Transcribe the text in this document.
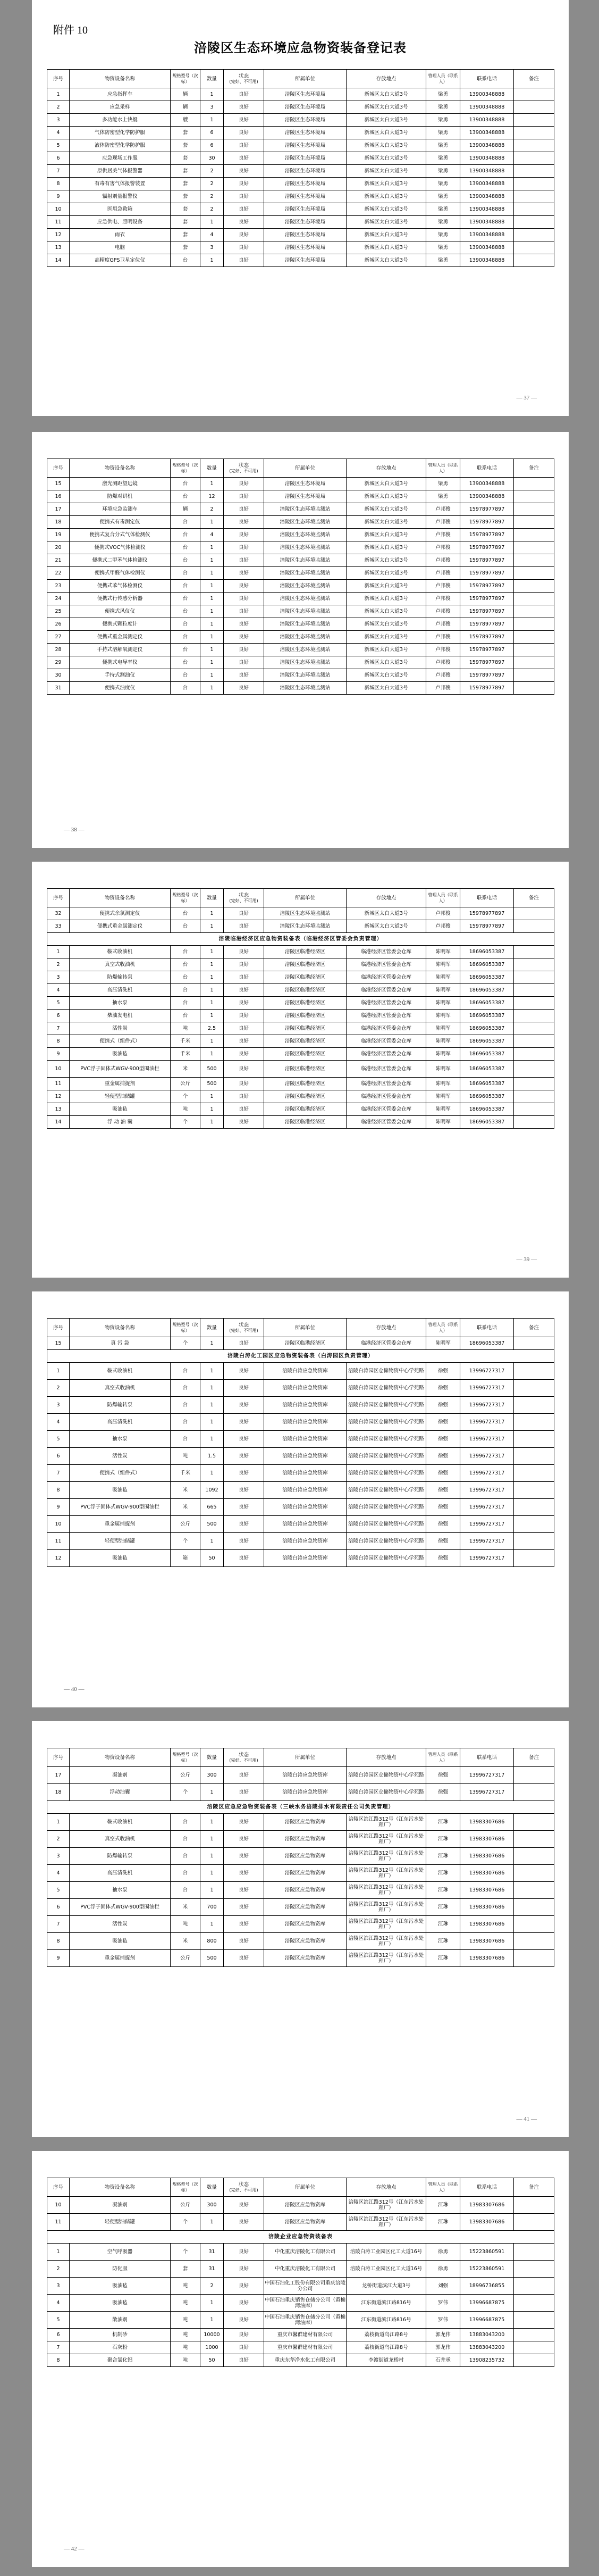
附件 10
涪陵区生态环境应急物资装备登记表
序号	物资设备名称	规格型号（次标）	数量	状态
(完好、不可用)	所属单位	存放地点	管理人员（联系人）	联系电话	备注
1	应急指挥车	辆	1	良好	涪陵区生态环境局	新城区太白大道3号	梁勇	13900348888	
2	应急采样	辆	3	良好	涪陵区生态环境局	新城区太白大道3号	梁勇	13900348888	
3	多功能水上快艇	艘	1	良好	涪陵区生态环境局	新城区太白大道3号	梁勇	13900348888	
4	气体防密型化学防护服	套	6	良好	涪陵区生态环境局	新城区太白大道3号	梁勇	13900348888	
5	液体防密型化学防护服	套	6	良好	涪陵区生态环境局	新城区太白大道3号	梁勇	13900348888	
6	应急现场工作服	套	30	良好	涪陵区生态环境局	新城区太白大道3号	梁勇	13900348888	
7	原供居美气体报警器	套	2	良好	涪陵区生态环境局	新城区太白大道3号	梁勇	13900348888	
8	有毒有害气体报警装置	套	2	良好	涪陵区生态环境局	新城区太白大道3号	梁勇	13900348888	
9	辐射剂量报警仪	套	2	良好	涪陵区生态环境局	新城区太白大道3号	梁勇	13900348888	
10	医用急救箱	套	2	良好	涪陵区生态环境局	新城区太白大道3号	梁勇	13900348888	
11	应急供电、照明设备	套	1	良好	涪陵区生态环境局	新城区太白大道3号	梁勇	13900348888	
12	雨衣	套	4	良好	涪陵区生态环境局	新城区太白大道3号	梁勇	13900348888	
13	电脑	套	3	良好	涪陵区生态环境局	新城区太白大道3号	梁勇	13900348888	
14	高精度GPS卫星定位仪	台	1	良好	涪陵区生态环境局	新城区太白大道3号	梁勇	13900348888	
— 37 —
序号	物资设备名称	规格型号（次标）	数量	状态
(完好、不可用)	所属单位	存放地点	管理人员（联系人）	联系电话	备注
15	激光测距望远镜	台	1	良好	涪陵区生态环境局	新城区太白大道3号	梁勇	13900348888	
16	防爆对讲机	台	12	良好	涪陵区生态环境局	新城区太白大道3号	梁勇	13900348888	
17	环境应急监测车	辆	2	良好	涪陵区生态环境监测站	新城区太白大道3号	卢邦俊	15978977897	
18	便携式有毒测定仪	台	1	良好	涪陵区生态环境监测站	新城区太白大道3号	卢邦俊	15978977897	
19	便携式复合分式气体检测仪	台	4	良好	涪陵区生态环境监测站	新城区太白大道3号	卢邦俊	15978977897	
20	便携式VOC气体检测仪	台	1	良好	涪陵区生态环境监测站	新城区太白大道3号	卢邦俊	15978977897	
21	便携式二甲苯气体检测仪	台	1	良好	涪陵区生态环境监测站	新城区太白大道3号	卢邦俊	15978977897	
22	便携式甲醛气体检测仪	台	1	良好	涪陵区生态环境监测站	新城区太白大道3号	卢邦俊	15978977897	
23	便携式苯气体检测仪	台	1	良好	涪陵区生态环境监测站	新城区太白大道3号	卢邦俊	15978977897	
24	便携式行传感分析器	台	1	良好	涪陵区生态环境监测站	新城区太白大道3号	卢邦俊	15978977897	
25	便携式风仪仪	台	1	良好	涪陵区生态环境监测站	新城区太白大道3号	卢邦俊	15978977897	
26	便携式颗粒度计	台	1	良好	涪陵区生态环境监测站	新城区太白大道3号	卢邦俊	15978977897	
27	便携式重金属测定仪	台	1	良好	涪陵区生态环境监测站	新城区太白大道3号	卢邦俊	15978977897	
28	手持式溶解氧测定仪	台	1	良好	涪陵区生态环境监测站	新城区太白大道3号	卢邦俊	15978977897	
29	便携式电导率仪	台	1	良好	涪陵区生态环境监测站	新城区太白大道3号	卢邦俊	15978977897	
30	手持式测油仪	台	1	良好	涪陵区生态环境监测站	新城区太白大道3号	卢邦俊	15978977897	
31	便携式浊度仪	台	1	良好	涪陵区生态环境监测站	新城区太白大道3号	卢邦俊	15978977897	
— 38 —
序号	物资设备名称	规格型号（次标）	数量	状态
(完好、不可用)	所属单位	存放地点	管理人员（联系人）	联系电话	备注
32	便携式余氯测定仪	台	1	良好	涪陵区生态环境监测站	新城区太白大道3号	卢邦俊	15978977897	
33	便携式重金属测定仪	台	1	良好	涪陵区生态环境监测站	新城区太白大道3号	卢邦俊	15978977897	
涪陵临港经济区应急物资装备表（临港经济区管委会负责管理）									
1	鞍式收油机	台	1	良好	涪陵区临港经济区	临港经济区管委会仓库	陈明军	18696053387	
2	真空式收油机	台	1	良好	涪陵区临港经济区	临港经济区管委会仓库	陈明军	18696053387	
3	防爆输转泵	台	1	良好	涪陵区临港经济区	临港经济区管委会仓库	陈明军	18696053387	
4	高压清洗机	台	1	良好	涪陵区临港经济区	临港经济区管委会仓库	陈明军	18696053387	
5	抽水泵	台	1	良好	涪陵区临港经济区	临港经济区管委会仓库	陈明军	18696053387	
6	柴油发电机	台	1	良好	涪陵区临港经济区	临港经济区管委会仓库	陈明军	18696053387	
7	活性炭	吨	2.5	良好	涪陵区临港经济区	临港经济区管委会仓库	陈明军	18696053387	
8	便携式（组件式）	千米	1	良好	涪陵区临港经济区	临港经济区管委会仓库	陈明军	18696053387	
9	吸油毡	千米	1	良好	涪陵区临港经济区	临港经济区管委会仓库	陈明军	18696053387	
10	PVC浮子固体式WGV-900型围油栏	米	500	良好	涪陵区临港经济区	临港经济区管委会仓库	陈明军	18696053387	
11	重金属捕捉剂	公斤	500	良好	涪陵区临港经济区	临港经济区管委会仓库	陈明军	18696053387	
12	轻便型油储罐	个	1	良好	涪陵区临港经济区	临港经济区管委会仓库	陈明军	18696053387	
13	吸油毡	吨	1	良好	涪陵区临港经济区	临港经济区管委会仓库	陈明军	18696053387	
14	浮 动 油 囊	个	1	良好	涪陵区临港经济区	临港经济区管委会仓库	陈明军	18696053387	
— 39 —
序号	物资设备名称	规格型号（次标）	数量	状态
(完好、不可用)	所属单位	存放地点	管理人员（联系人）	联系电话	备注
15	真 污 袋	个	1	良好	涪陵区临港经济区	临港经济区管委会仓库	陈明军	18696053387	
涪陵白涛化工园区应急物资装备表（白涛园区负责管理）									
1	鞍式收油机	台	1	良好	涪陵白涛应急物资库	涪陵白涛园区仓储物资中心学苑路	徐强	13996727317	
2	真空式收油机	台	1	良好	涪陵白涛应急物资库	涪陵白涛园区仓储物资中心学苑路	徐强	13996727317	
3	防爆输转泵	台	1	良好	涪陵白涛应急物资库	涪陵白涛园区仓储物资中心学苑路	徐强	13996727317	
4	高压清洗机	台	1	良好	涪陵白涛应急物资库	涪陵白涛园区仓储物资中心学苑路	徐强	13996727317	
5	抽水泵	台	1	良好	涪陵白涛应急物资库	涪陵白涛园区仓储物资中心学苑路	徐强	13996727317	
6	活性炭	吨	1.5	良好	涪陵白涛应急物资库	涪陵白涛园区仓储物资中心学苑路	徐强	13996727317	
7	便携式（组件式）	千米	1	良好	涪陵白涛应急物资库	涪陵白涛园区仓储物资中心学苑路	徐强	13996727317	
8	吸油毡	米	1092	良好	涪陵白涛应急物资库	涪陵白涛园区仓储物资中心学苑路	徐强	13996727317	
9	PVC浮子固体式WGV-900型围油栏	米	665	良好	涪陵白涛应急物资库	涪陵白涛园区仓储物资中心学苑路	徐强	13996727317	
10	重金属捕捉剂	公斤	500	良好	涪陵白涛应急物资库	涪陵白涛园区仓储物资中心学苑路	徐强	13996727317	
11	轻便型油储罐	个	1	良好	涪陵白涛应急物资库	涪陵白涛园区仓储物资中心学苑路	徐强	13996727317	
12	吸油毡	箱	50	良好	涪陵白涛应急物资库	涪陵白涛园区仓储物资中心学苑路	徐强	13996727317	
— 40 —
序号	物资设备名称	规格型号（次标）	数量	状态
(完好、不可用)	所属单位	存放地点	管理人员（联系人）	联系电话	备注
17	凝油剂	公斤	300	良好	涪陵白涛应急物资库	涪陵白涛园区仓储物资中心学苑路	徐强	13996727317	
18	浮动油囊	个	1	良好	涪陵白涛应急物资库	涪陵白涛园区仓储物资中心学苑路	徐强	13996727317	
涪陵区应急应急物资装备表（三峡水务涪陵排水有限责任公司负责管理）									
1	鞍式收油机	台	1	良好	涪陵区应急物资库	涪陵区滨江路312号（江东污水处理厂）	江琳	13983307686	
2	真空式收油机	台	1	良好	涪陵区应急物资库	涪陵区滨江路312号（江东污水处理厂）	江琳	13983307686	
3	防爆输转泵	台	1	良好	涪陵区应急物资库	涪陵区滨江路312号（江东污水处理厂）	江琳	13983307686	
4	高压清洗机	台	1	良好	涪陵区应急物资库	涪陵区滨江路312号（江东污水处理厂）	江琳	13983307686	
5	抽水泵	台	1	良好	涪陵区应急物资库	涪陵区滨江路312号（江东污水处理厂）	江琳	13983307686	
6	PVC浮子固体式WGV-900型围油栏	米	700	良好	涪陵区应急物资库	涪陵区滨江路312号（江东污水处理厂）	江琳	13983307686	
7	活性炭	吨	1	良好	涪陵区应急物资库	涪陵区滨江路312号（江东污水处理厂）	江琳	13983307686	
8	吸油毡	米	800	良好	涪陵区应急物资库	涪陵区滨江路312号（江东污水处理厂）	江琳	13983307686	
9	重金属捕捉剂	公斤	500	良好	涪陵区应急物资库	涪陵区滨江路312号（江东污水处理厂）	江琳	13983307686	
— 41 —
序号	物资设备名称	规格型号（次标）	数量	状态
(完好、不可用)	所属单位	存放地点	管理人员（联系人）	联系电话	备注
10	凝油剂	公斤	300	良好	涪陵区应急物资库	涪陵区滨江路312号（江东污水处理厂）	江琳	13983307686	
11	轻便型油储罐	个	1	良好	涪陵区应急物资库	涪陵区滨江路312号（江东污水处理厂）	江琳	13983307686	
涪陵企业应急物资装备表									
1	空气呼吸器	个	31	良好	中化重庆涪陵化工有限公司	涪陵白涛工业园区化工大道16号	徐勇	15223860591	
2	防化服	套	31	良好	中化重庆涪陵化工有限公司	涪陵白涛工业园区化工大道16号	徐勇	15223860591	
3	吸油毡	吨	2	良好	中国石油化工股份有限公司重庆涪陵分公司	龙桥街道滨江大道3号	刘强	18996736855	
4	吸油毡	吨	1	良好	中国石油重庆销售仓储分公司（黄桷湾油库）	江东街道滨江路816号	罗伟	13996687875	
5	散油剂	吨	1	良好	中国石油重庆销售仓储分公司（黄桷湾油库）	江东街道滨江路816号	罗伟	13996687875	
6	机制砂	吨	10000	良好	重庆市馨群建材有限公司	荔枝街道乌江路8号	郭龙伟	13883043200	
7	石灰粉	吨	1000	良好	重庆市馨群建材有限公司	荔枝街道乌江路8号	郭龙伟	13883043200	
8	聚合氯化铝	吨	50	良好	重庆东华净水化工有限公司	李渡街道龙桥村	石井承	13908235732	
— 42 —
